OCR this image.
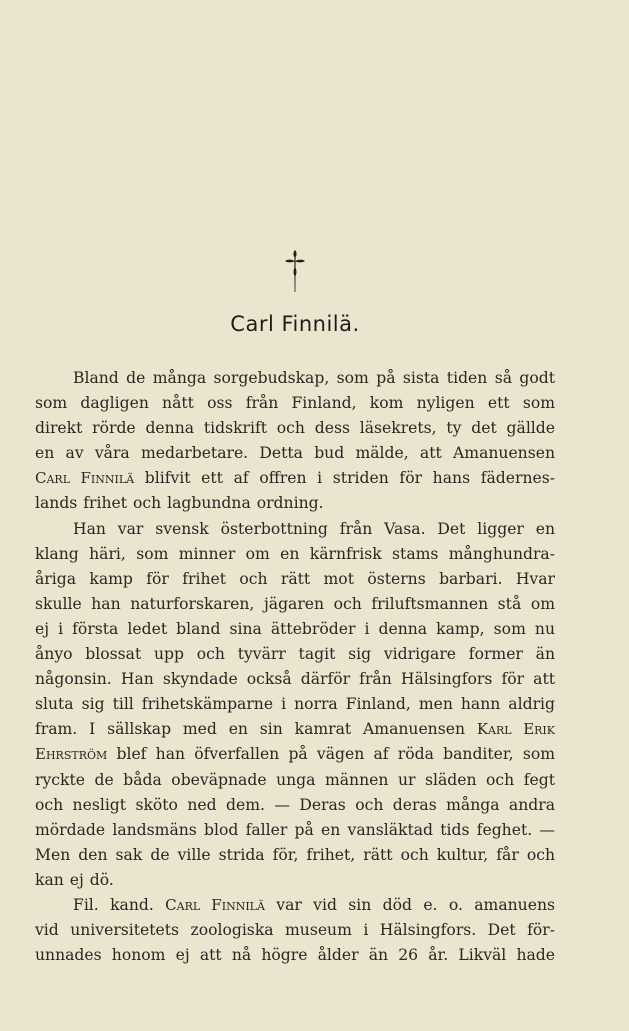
Carl Finnilä.
Bland de många sorgebudskap, som på sista tiden så godt
som dagligen nått oss från Finland, kom nyligen ett som
direkt rörde denna tidskrift och dess läsekrets, ty det gällde
en av våra medarbetare. Detta bud mälde, att Amanuensen
Carl Finnilä blifvit ett af offren i striden för hans fädernes-
lands frihet och lagbundna ordning.
Han var svensk österbottning från Vasa. Det ligger en
klang häri, som minner om en kärnfrisk stams månghundra-
åriga kamp för frihet och rätt mot österns barbari. Hvar
skulle han naturforskaren, jägaren och friluftsmannen stå om
ej i första ledet bland sina ättebröder i denna kamp, som nu
ånyo blossat upp och tyvärr tagit sig vidrigare former än
någonsin. Han skyndade också därför från Hälsingfors för att
sluta sig till frihetskämparne i norra Finland, men hann aldrig
fram. I sällskap med en sin kamrat Amanuensen Karl Erik
Ehrström blef han öfverfallen på vägen af röda banditer, som
ryckte de båda obeväpnade unga männen ur släden och fegt
och nesligt sköto ned dem. — Deras och deras många andra
mördade landsmäns blod faller på en vansläktad tids feghet. —
Men den sak de ville strida för, frihet, rätt och kultur, får och
kan ej dö.
Fil. kand. Carl Finnilä var vid sin död e. o. amanuens
vid universitetets zoologiska museum i Hälsingfors. Det för-
unnades honom ej att nå högre ålder än 26 år. Likväl hade
